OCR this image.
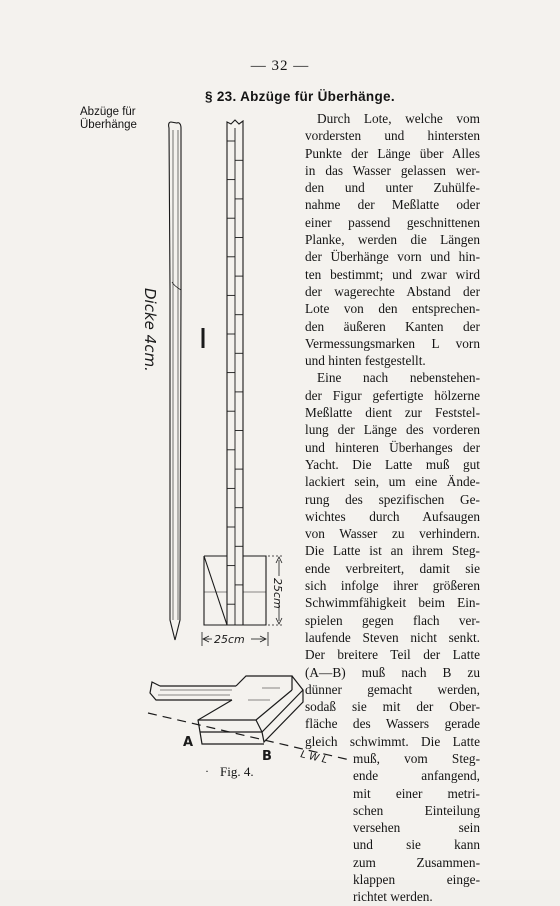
— 32 —
§ 23. Abzüge für Überhänge.
Abzüge für
Überhänge	Durch Lote, welche vom
vordersten und hintersten
Punkte der Länge über Alles
in das Wasser gelassen wer-
den und unter Zuhülfe-
nahme der Meßlatte oder
einer passend geschnittenen
Planke, werden die Längen
der Überhänge vorn und hin-
ten bestimmt; und zwar wird
der wagerechte Abstand der
Lote von den entsprechen-
den äußeren Kanten der
Vermessungsmarken L vorn
und hinten festgestellt.
Eine nach nebenstehen-
der Figur gefertigte hölzerne
Meßlatte dient zur Feststel-
lung der Länge des vorderen
und hinteren Überhanges der
Yacht. Die Latte muß gut
lackiert sein, um eine Ände-
rung des spezifischen Ge-
wichtes durch Aufsaugen
von Wasser zu verhindern.
Die Latte ist an ihrem Steg-
ende verbreitert, damit sie
sich infolge ihrer größeren
Schwimmfähigkeit beim Ein-
spielen gegen flach ver-
laufende Steven nicht senkt.
Der breitere Teil der Latte
(A—B) muß nach B zu
dünner gemacht werden,
sodaß sie mit der Ober-
fläche des Wassers gerade
gleich schwimmt. Die Latte
muß, vom Steg-
ende anfangend,
mit einer metri-
schen Einteilung
versehen sein
und sie kann
zum Zusammen-
klappen einge-
richtet werden.
Dicke 4cm.
25cm
25cm
A
B	L W L
· Fig. 4.
